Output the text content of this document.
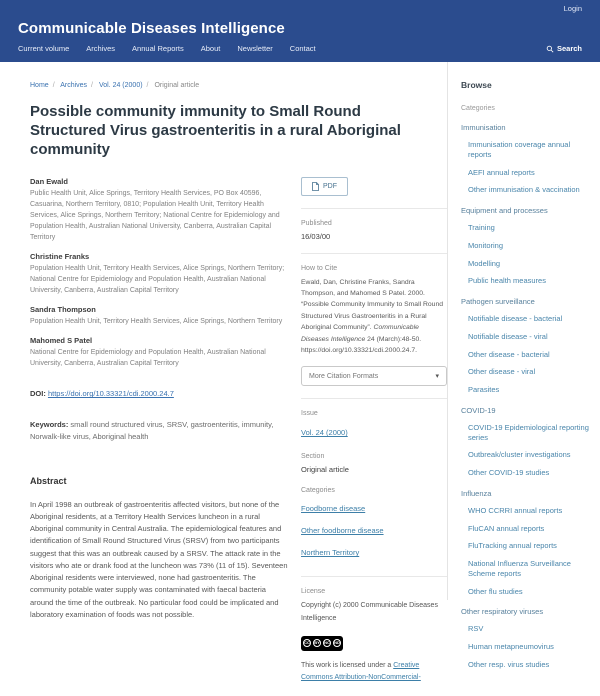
Login
Communicable Diseases Intelligence
Current volume Archives Annual Reports About Newsletter Contact	Search
Home / Archives / Vol. 24 (2000) / Original article
Possible community immunity to Small Round Structured Virus gastroenteritis in a rural Aboriginal community
Dan Ewald
Public Health Unit, Alice Springs, Territory Health Services, PO Box 40596, Casuarina, Northern Territory, 0810; Population Health Unit, Territory Health Services, Alice Springs, Northern Territory; National Centre for Epidemiology and Population Health, Australian National University, Canberra, Australian Capital Territory
Christine Franks
Population Health Unit, Territory Health Services, Alice Springs, Northern Territory; National Centre for Epidemiology and Population Health, Australian National University, Canberra, Australian Capital Territory
Sandra Thompson
Population Health Unit, Territory Health Services, Alice Springs, Northern Territory
Mahomed S Patel
National Centre for Epidemiology and Population Health, Australian National University, Canberra, Australian Capital Territory
DOI: https://doi.org/10.33321/cdi.2000.24.7
Keywords: small round structured virus, SRSV, gastroenteritis, immunity, Norwalk-like virus, Aboriginal health
Abstract

In April 1998 an outbreak of gastroenteritis affected visitors, but none of the Aboriginal residents, at a Territory Health Services luncheon in a rural Aboriginal community in Central Australia. The epidemiological features and identification of Small Round Structured Virus (SRSV) from two participants suggest that this was an outbreak caused by a SRSV. The attack rate in the visitors who ate or drank food at the luncheon was 73% (11 of 15). Seventeen Aboriginal residents were interviewed, none had gastroenteritis. The community potable water supply was contaminated with faecal bacteria around the time of the outbreak. No particular food could be implicated and laboratory examination of foods was not possible.

PDF
Published
16/03/00
How to Cite

Ewald, Dan, Christine Franks, Sandra Thompson, and Mahomed S Patel. 2000. “Possible Community Immunity to Small Round Structured Virus Gastroenteritis in a Rural Aboriginal Community”. Communicable Diseases Intelligence 24 (March):48-50. https://doi.org/10.33321/cdi.2000.24.7.

More Citation Formats	▾
Issue
Vol. 24 (2000)
Section
Original article
Categories
Foodborne disease
Other foodborne disease
Northern Territory
License

Copyright (c) 2000 Communicable Diseases Intelligence

CC	BY	NC	ND

This work is licensed under a Creative Commons Attribution-NonCommercial-

Browse
Categories
Immunisation
Immunisation coverage annual reports
AEFI annual reports
Other immunisation & vaccination
Equipment and processes
Training
Monitoring
Modelling
Public health measures
Pathogen surveillance
Notifiable disease - bacterial
Notifiable disease - viral
Other disease - bacterial
Other disease - viral
Parasites
COVID-19
COVID-19 Epidemiological reporting series
Outbreak/cluster investigations
Other COVID-19 studies
Influenza
WHO CCRRI annual reports
FluCAN annual reports
FluTracking annual reports
National Influenza Surveillance Scheme reports
Other flu studies
Other respiratory viruses
RSV
Human metapneumovirus
Other resp. virus studies
